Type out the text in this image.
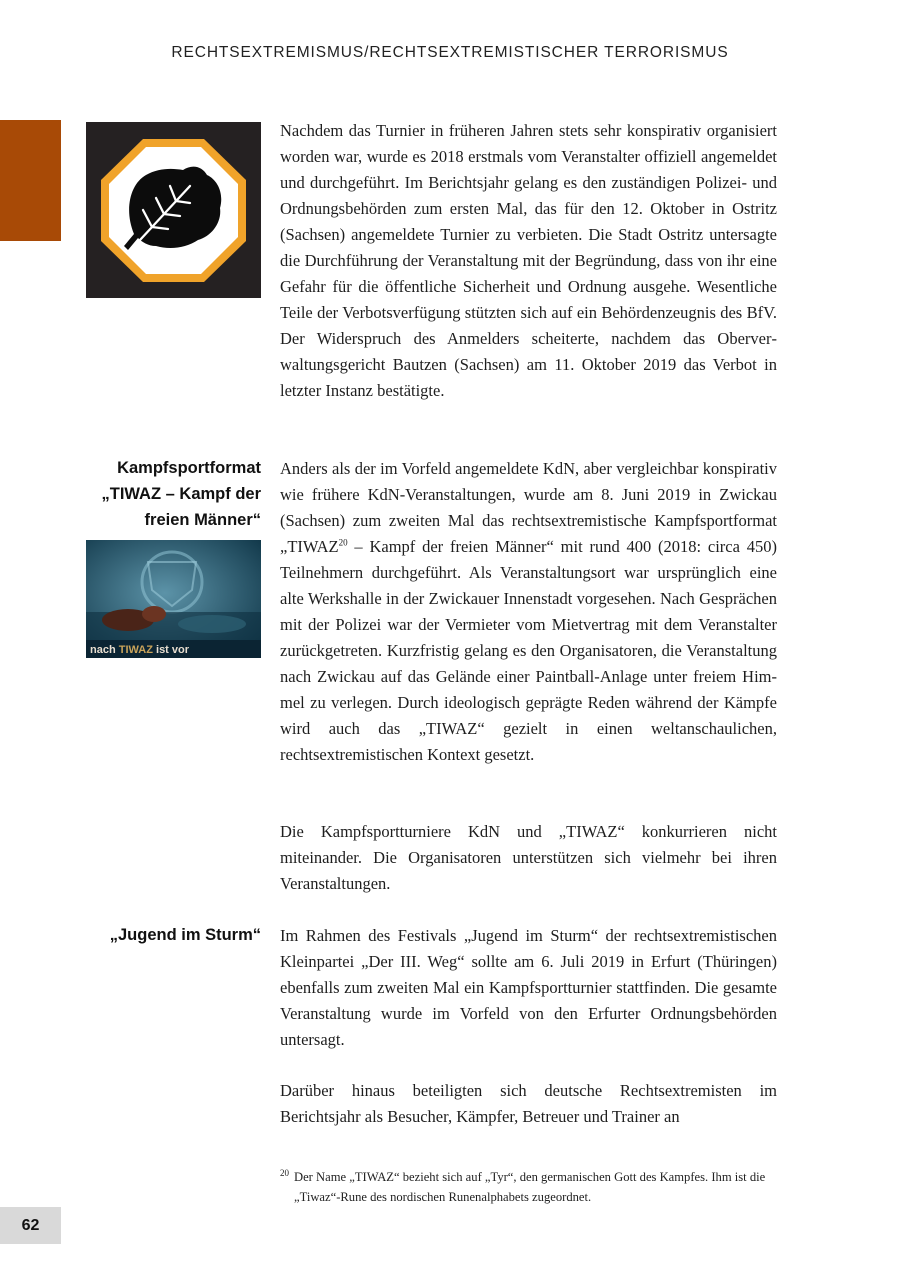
RECHTSEXTREMISMUS/RECHTSEXTREMISTISCHER TERRORISMUS
Nachdem das Turnier in früheren Jahren stets sehr konspirativ organisiert worden war, wurde es 2018 erstmals vom Veranstalter offiziell angemeldet und durchgeführt. Im Berichtsjahr gelang es den zuständigen Polizei- und Ordnungsbehörden zum ersten Mal, das für den 12. Oktober in Ostritz (Sachsen) angemeldete Turnier zu verbieten. Die Stadt Ostritz untersagte die Durchführung der Veranstaltung mit der Begründung, dass von ihr eine Gefahr für die öffentliche Sicherheit und Ordnung ausgehe. Wesentliche Teile der Verbotsverfügung stützten sich auf ein Behördenzeugnis des BfV. Der Widerspruch des Anmelders scheiterte, nachdem das Oberverwaltungsgericht Bautzen (Sachsen) am 11. Oktober 2019 das Verbot in letzter Instanz bestätigte.
Kampfsportformat „TIWAZ – Kampf der freien Männer“
nach TIWAZ ist vor
Anders als der im Vorfeld angemeldete KdN, aber vergleichbar konspirativ wie frühere KdN-Veranstaltungen, wurde am 8. Juni 2019 in Zwickau (Sachsen) zum zweiten Mal das rechtsextremistische Kampfsportformat „TIWAZ$^{20}$ – Kampf der freien Männer“ mit rund 400 (2018: circa 450) Teilnehmern durchgeführt. Als Veranstaltungsort war ursprünglich eine alte Werkshalle in der Zwickauer Innenstadt vorgesehen. Nach Gesprächen mit der Polizei war der Vermieter vom Mietvertrag mit dem Veranstalter zurückgetreten. Kurzfristig gelang es den Organisatoren, die Veranstaltung nach Zwickau auf das Gelände einer Paintball-Anlage unter freiem Himmel zu verlegen. Durch ideologisch geprägte Reden während der Kämpfe wird auch das „TIWAZ“ gezielt in einen weltanschaulichen, rechtsextremistischen Kontext gesetzt.
Die Kampfsportturniere KdN und „TIWAZ“ konkurrieren nicht miteinander. Die Organisatoren unterstützen sich vielmehr bei ihren Veranstaltungen.
„Jugend im Sturm“ Im Rahmen des Festivals „Jugend im Sturm“ der rechtsextremistischen Kleinpartei „Der III. Weg“ sollte am 6. Juli 2019 in Erfurt (Thüringen) ebenfalls zum zweiten Mal ein Kampfsportturnier stattfinden. Die gesamte Veranstaltung wurde im Vorfeld von den Erfurter Ordnungsbehörden untersagt.
Darüber hinaus beteiligten sich deutsche Rechtsextremisten im Berichtsjahr als Besucher, Kämpfer, Betreuer und Trainer an
$^{20}$ Der Name „TIWAZ“ bezieht sich auf „Tyr“, den germanischen Gott des Kampfes. Ihm ist die „Tiwaz“-Rune des nordischen Runenalphabets zugeordnet.
62
